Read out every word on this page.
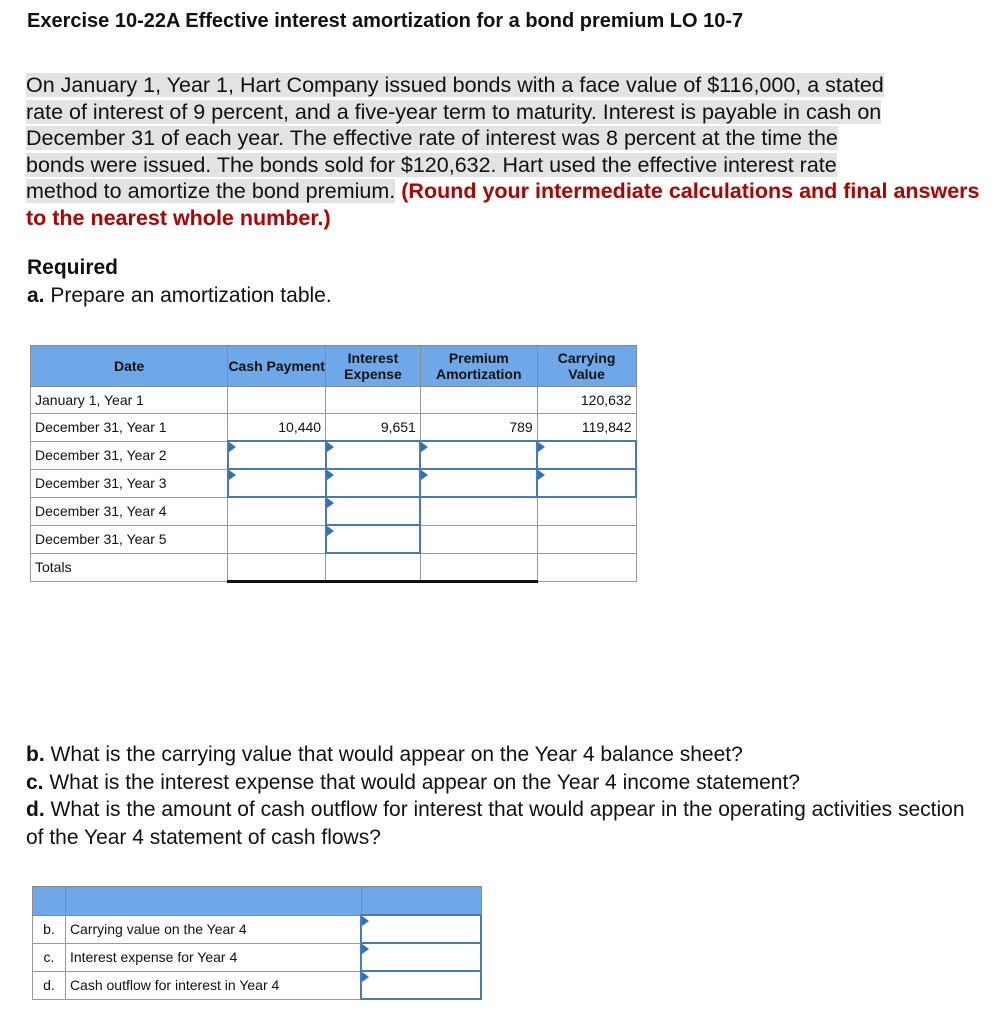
Exercise 10-22A Effective interest amortization for a bond premium LO 10-7
On January 1, Year 1, Hart Company issued bonds with a face value of $116,000, a stated
rate of interest of 9 percent, and a five-year term to maturity. Interest is payable in cash on
December 31 of each year. The effective rate of interest was 8 percent at the time the
bonds were issued. The bonds sold for $120,632. Hart used the effective interest rate
method to amortize the bond premium. (Round your intermediate calculations and final answers to the nearest whole number.)
Required
a. Prepare an amortization table.
Date	Cash Payment	Interest Expense	Premium Amortization	Carrying Value
January 1, Year 1				120,632
December 31, Year 1	10,440	9,651	789	119,842
December 31, Year 2				
December 31, Year 3				
December 31, Year 4				
December 31, Year 5				
Totals				
b. What is the carrying value that would appear on the Year 4 balance sheet?
c. What is the interest expense that would appear on the Year 4 income statement?
d. What is the amount of cash outflow for interest that would appear in the operating activities section of the Year 4 statement of cash flows?

b.	Carrying value on the Year 4	
c.	Interest expense for Year 4	
d.	Cash outflow for interest in Year 4	
